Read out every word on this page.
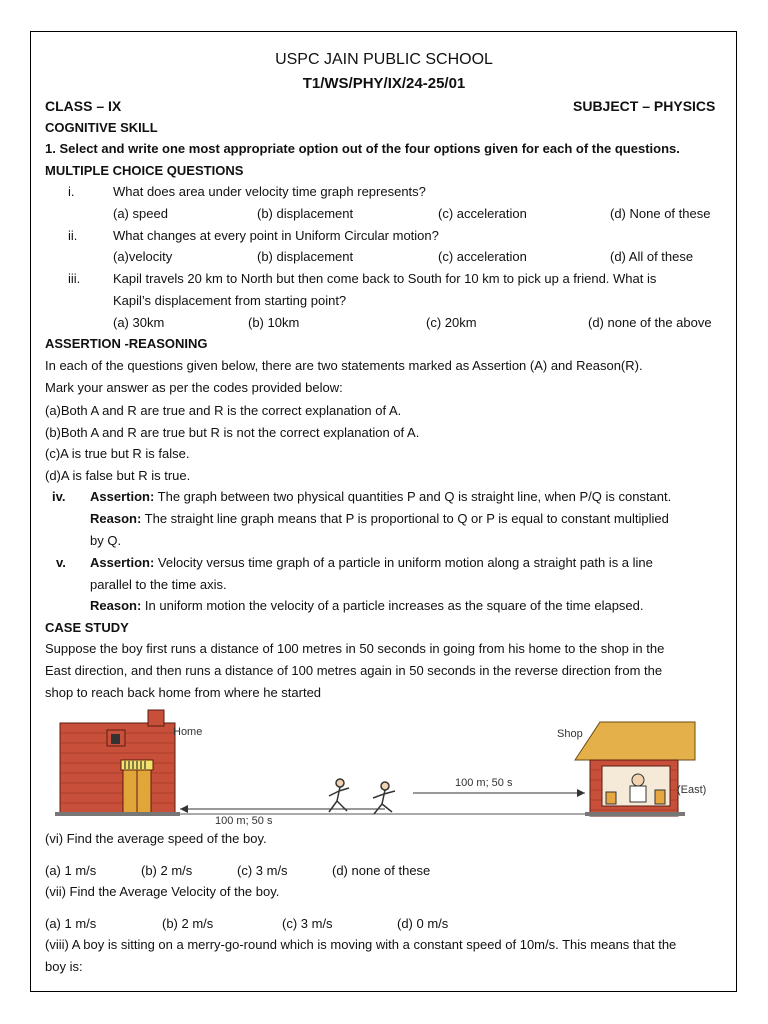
USPC JAIN PUBLIC SCHOOL
T1/WS/PHY/IX/24-25/01
CLASS – IX	SUBJECT – PHYSICS
COGNITIVE SKILL
1. Select and write one most appropriate option out of the four options given for each of the questions.
MULTIPLE CHOICE QUESTIONS
i.	What does area under velocity time graph represents?
(a) speed	(b) displacement	(c) acceleration	(d) None of these
ii.	What changes at every point in Uniform Circular motion?
(a)velocity	(b) displacement	(c) acceleration	(d) All of these
iii.	Kapil travels 20 km to North but then come back to South for 10 km to pick up a friend. What is
Kapil’s displacement from starting point?
(a) 30km	(b) 10km	(c) 20km	(d) none of the above
ASSERTION -REASONING
In each of the questions given below, there are two statements marked as Assertion (A) and Reason(R).
Mark your answer as per the codes provided below:
(a)Both A and R are true and R is the correct explanation of A.
(b)Both A and R are true but R is not the correct explanation of A.
(c)A is true but R is false.
(d)A is false but R is true.
iv. Assertion: The graph between two physical quantities P and Q is straight line, when P/Q is constant.
Reason: The straight line graph means that P is proportional to Q or P is equal to constant multiplied
by Q.
v. Assertion: Velocity versus time graph of a particle in uniform motion along a straight path is a line
parallel to the time axis.
Reason: In uniform motion the velocity of a particle increases as the square of the time elapsed.
CASE STUDY
Suppose the boy first runs a distance of 100 metres in 50 seconds in going from his home to the shop in the
East direction, and then runs a distance of 100 metres again in 50 seconds in the reverse direction from the
shop to reach back home from where he started
Home	Shop
(East)
100 m; 50 s
100 m; 50 s
(vi) Find the average speed of the boy.
(a) 1 m/s	(b) 2 m/s	(c) 3 m/s	(d) none of these
(vii) Find the Average Velocity of the boy.
(a) 1 m/s	(b) 2 m/s	(c) 3 m/s	(d) 0 m/s
(viii) A boy is sitting on a merry-go-round which is moving with a constant speed of 10m/s. This means that the
boy is:
